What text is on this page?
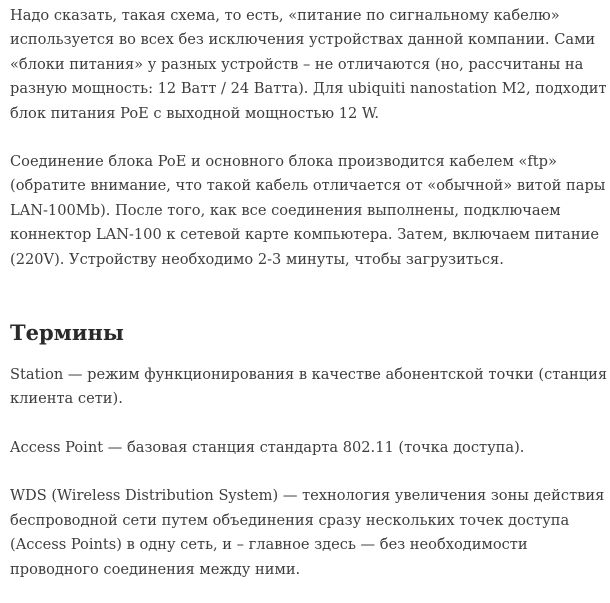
Надо сказать, такая схема, то есть, «питание по сигнальному кабелю»
используется во всех без исключения устройствах данной компании. Сами
«блоки питания» у разных устройств – не отличаются (но, рассчитаны на
разную мощность: 12 Ватт / 24 Ватта). Для ubiquiti nanostation M2, подходит
блок питания PoE с выходной мощностью 12 W.

Соединение блока PoE и основного блока производится кабелем «ftp»
(обратите внимание, что такой кабель отличается от «обычной» витой пары
LAN-100Mb). После того, как все соединения выполнены, подключаем
коннектор LAN-100 к сетевой карте компьютера. Затем, включаем питание
(220V). Устройству необходимо 2-3 минуты, чтобы загрузиться.

Термины

Station — режим функционирования в качестве абонентской точки (станция
клиента сети).

Access Point — базовая станция стандарта 802.11 (точка доступа).

WDS (Wireless Distribution System) — технология увеличения зоны действия
беспроводной сети путем объединения сразу нескольких точек доступа
(Access Points) в одну сеть, и – главное здесь — без необходимости
проводного соединения между ними.
